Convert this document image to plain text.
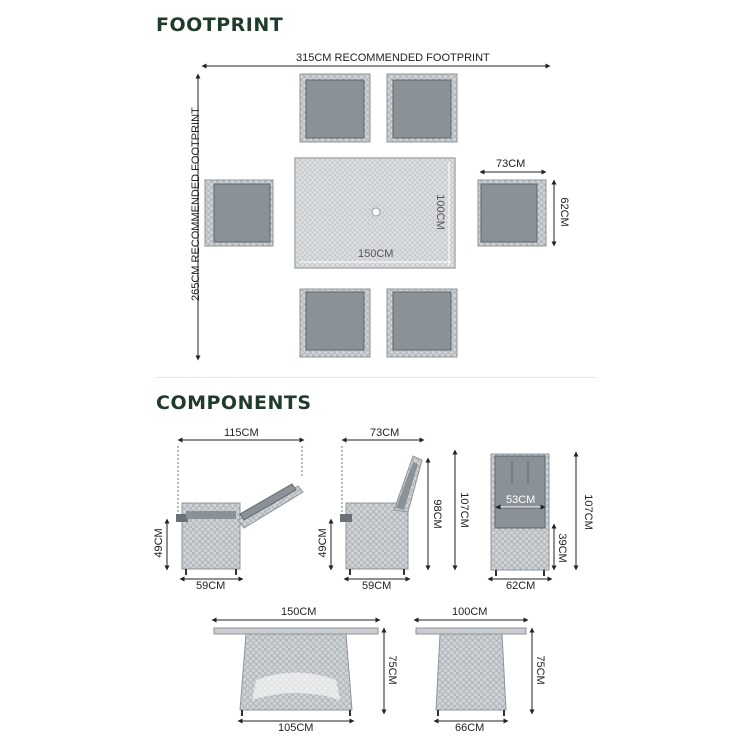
FOOTPRINT
COMPONENTS
315CM RECOMMENDED FOOTPRINT
265CM RECOMMENDED FOOTPRINT	150CM
100CM
73CM
62CM
115CM
49CM
59CM
73CM
49CM
59CM
98CM 107CM	53CM
39CM
107CM
62CM
150CM
75CM
105CM
100CM
75CM
66CM
